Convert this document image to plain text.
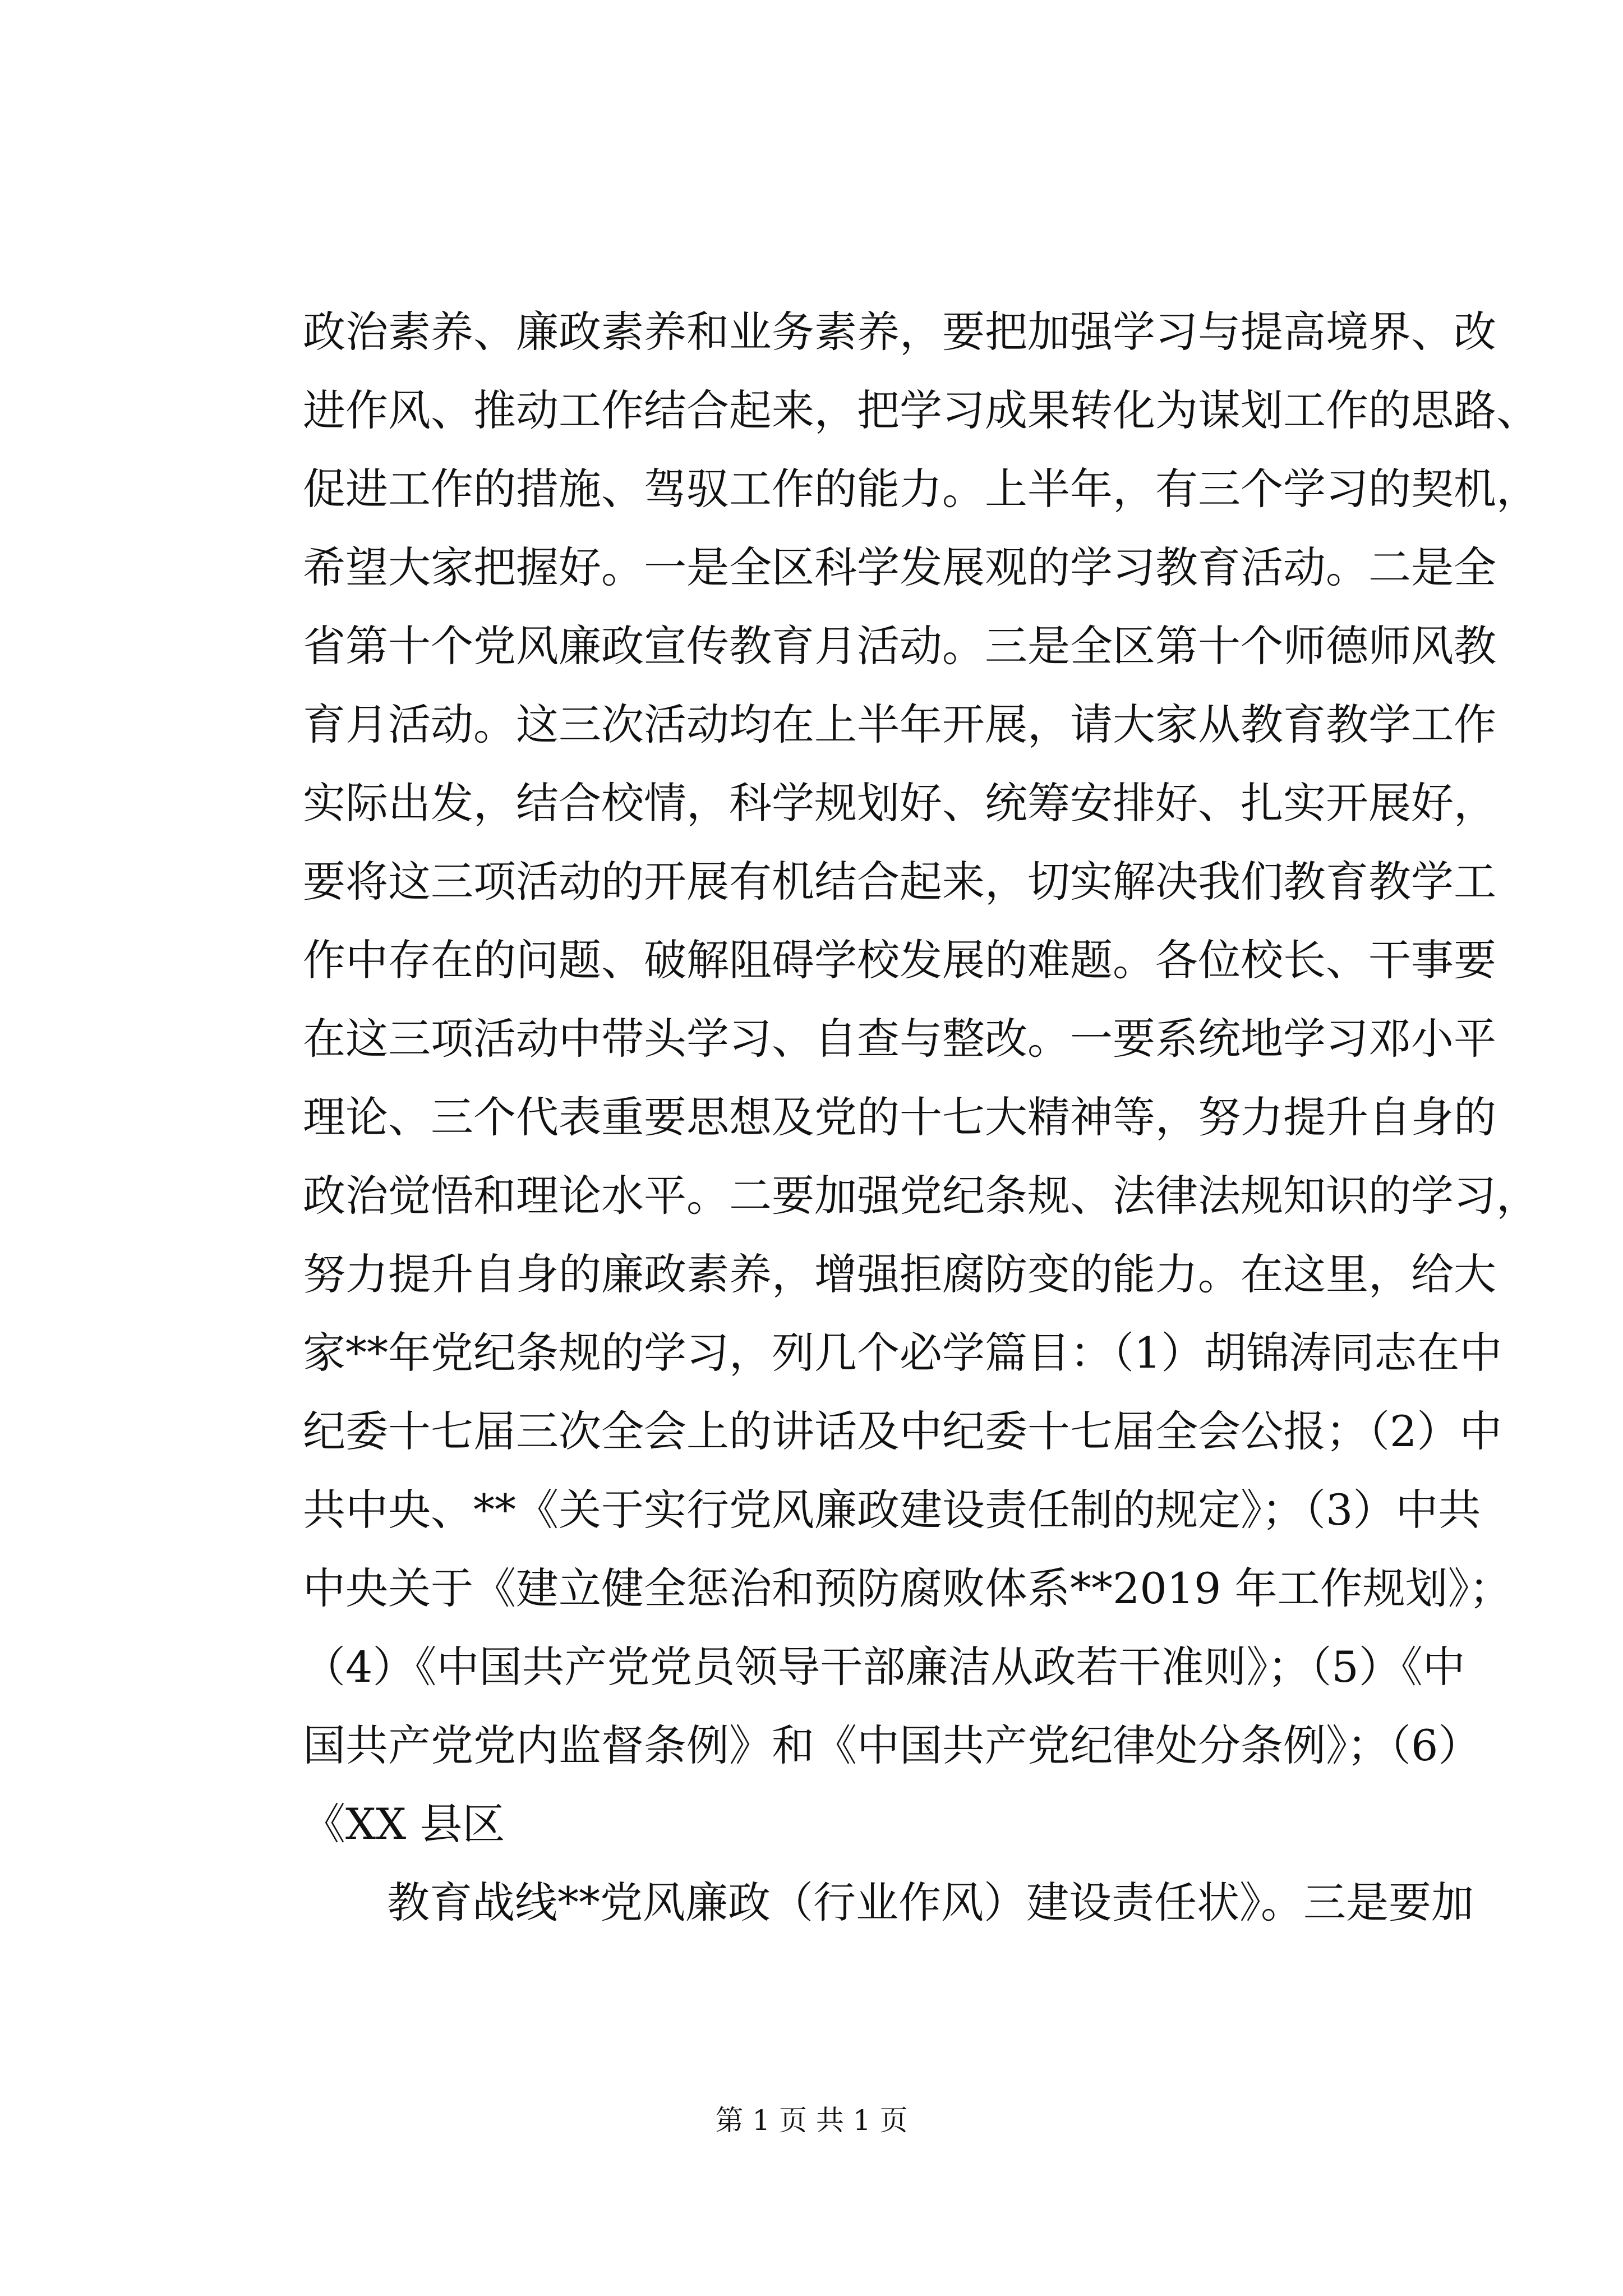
政治素养、廉政素养和业务素养，要把加强学习与提高境界、改
进作风、推动工作结合起来，把学习成果转化为谋划工作的思路、
促进工作的措施、驾驭工作的能力。上半年，有三个学习的契机，
希望大家把握好。一是全区科学发展观的学习教育活动。二是全
省第十个党风廉政宣传教育月活动。三是全区第十个师德师风教
育月活动。这三次活动均在上半年开展，请大家从教育教学工作
实际出发，结合校情，科学规划好、统筹安排好、扎实开展好，
要将这三项活动的开展有机结合起来，切实解决我们教育教学工
作中存在的问题、破解阻碍学校发展的难题。各位校长、干事要
在这三项活动中带头学习、自查与整改。一要系统地学习邓小平
理论、三个代表重要思想及党的十七大精神等，努力提升自身的
政治觉悟和理论水平。二要加强党纪条规、法律法规知识的学习，
努力提升自身的廉政素养，增强拒腐防变的能力。在这里，给大
家**年党纪条规的学习，列几个必学篇目：（1）胡锦涛同志在中
纪委十七届三次全会上的讲话及中纪委十七届全会公报；（2）中
共中央、**《关于实行党风廉政建设责任制的规定》；（3）中共
中央关于《建立健全惩治和预防腐败体系**2019 年工作规划》；
（4）《中国共产党党员领导干部廉洁从政若干准则》；（5）《中
国共产党党内监督条例》和《中国共产党纪律处分条例》；（6）
《XX 县区
教育战线**党风廉政（行业作风）建设责任状》。三是要加
第 1 页 共 1 页
